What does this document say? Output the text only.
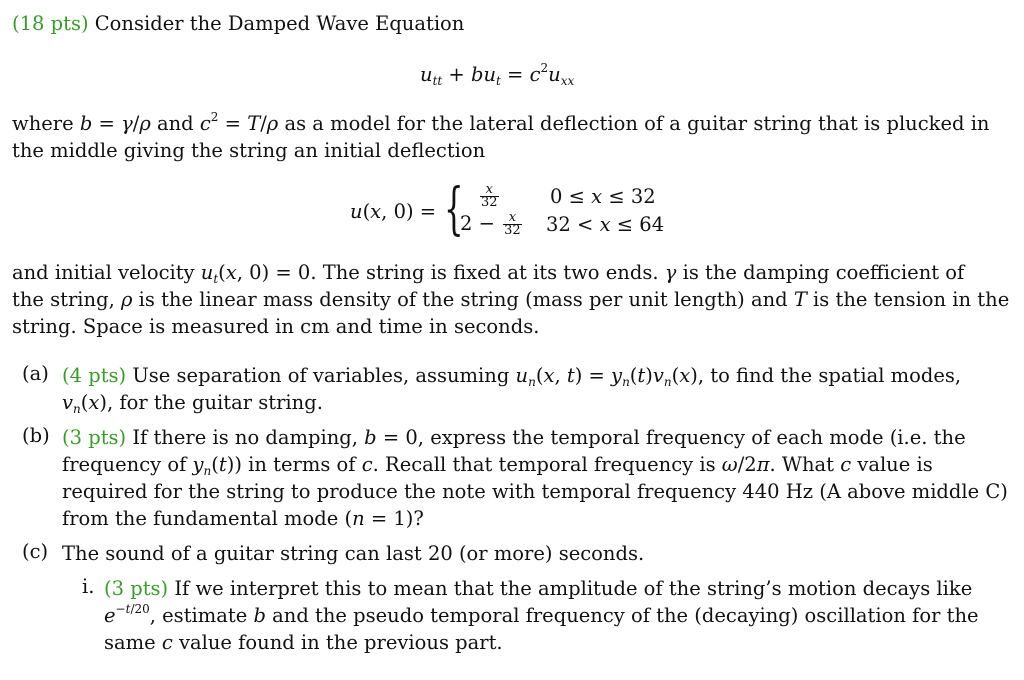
(18 pts) Consider the Damped Wave Equation
$u_{tt} + bu_t = c^2u_{xx}$
where b = γ/ρ and $c^2 = T/\rho$ as a model for the lateral deflection of a guitar string that is plucked in
the middle giving the string an initial deflection
u(x, 0) = { $\frac{x}{32}$	0 ≤ x ≤ 32
$2 - \frac{x}{32} 32 < x \le 64$
and initial velocity $u_t(x$, 0) = 0. The string is fixed at its two ends. γ is the damping coefficient of
the string, ρ is the linear mass density of the string (mass per unit length) and T is the tension in the
string. Space is measured in cm and time in seconds.
(a) (4 pts) Use separation of variables, assuming $u_n(x$, $t) = y_n(t)v_n(x)$, to find the spatial modes,
$v_n(x)$, for the guitar string.
(b) (3 pts) If there is no damping, b = 0, express the temporal frequency of each mode (i.e. the
frequency of $y_n(t)$) in terms of c. Recall that temporal frequency is ω/2π. What c value is
required for the string to produce the note with temporal frequency 440 Hz (A above middle C)
from the fundamental mode (n = 1)?
(c) The sound of a guitar string can last 20 (or more) seconds.
i. (3 pts) If we interpret this to mean that the amplitude of the string’s motion decays like
$e^{-t/20}$, estimate b and the pseudo temporal frequency of the (decaying) oscillation for the
same c value found in the previous part.
